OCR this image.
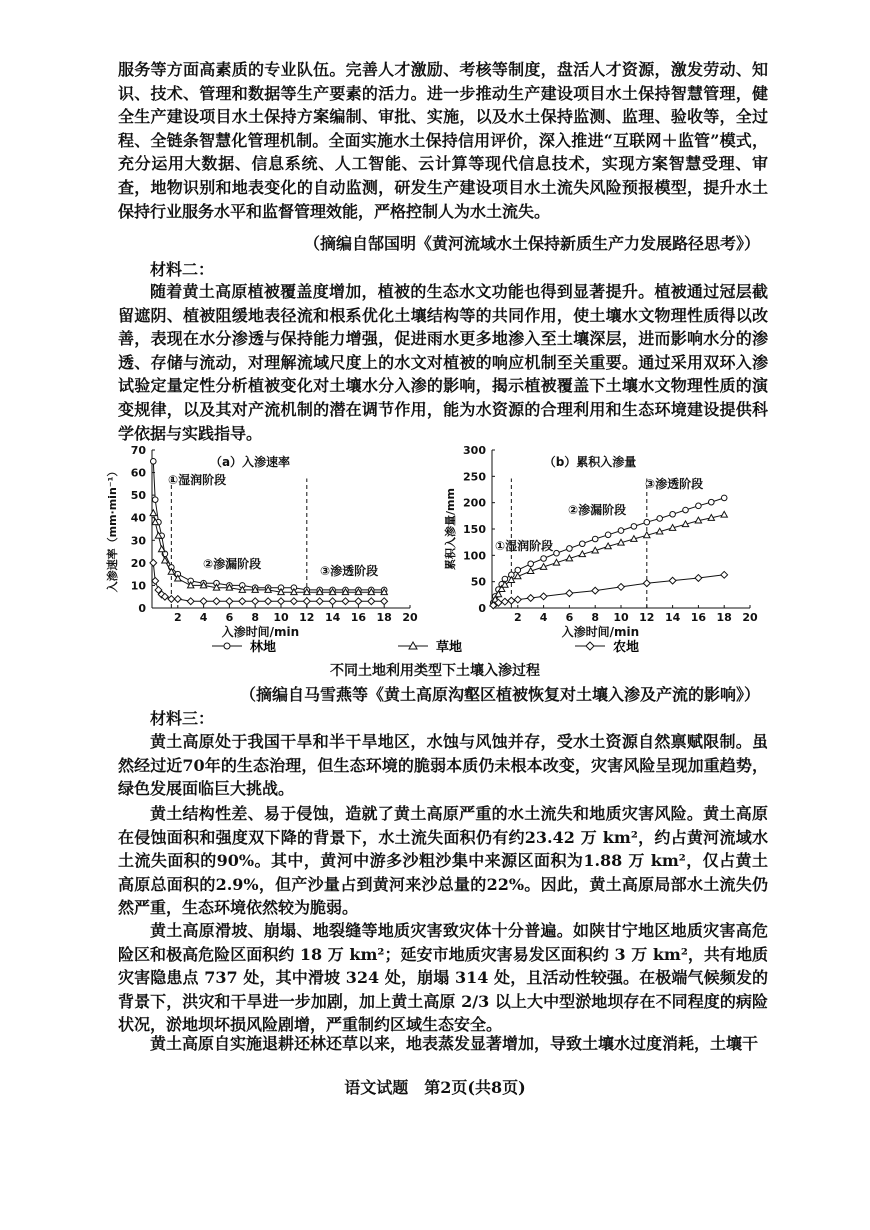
服务等方面高素质的专业队伍。完善人才激励、考核等制度，盘活人才资源，激发劳动、知识、技术、管理和数据等生产要素的活力。进一步推动生产建设项目水土保持智慧管理，健全生产建设项目水土保持方案编制、审批、实施，以及水土保持监测、监理、验收等，全过程、全链条智慧化管理机制。全面实施水土保持信用评价，深入推进“互联网＋监管”模式，充分运用大数据、信息系统、人工智能、云计算等现代信息技术，实现方案智慧受理、审查，地物识别和地表变化的自动监测，研发生产建设项目水土流失风险预报模型，提升水土保持行业服务水平和监督管理效能，严格控制人为水土流失。

（摘编自郜国明《黄河流域水土保持新质生产力发展路径思考》）

材料二：

随着黄土高原植被覆盖度增加，植被的生态水文功能也得到显著提升。植被通过冠层截留遮阴、植被阻缓地表径流和根系优化土壤结构等的共同作用，使土壤水文物理性质得以改善，表现在水分渗透与保持能力增强，促进雨水更多地渗入至土壤深层，进而影响水分的渗透、存储与流动，对理解流域尺度上的水文对植被的响应机制至关重要。通过采用双环入渗试验定量定性分析植被变化对土壤水分入渗的影响，揭示植被覆盖下土壤水文物理性质的演变规律，以及其对产流机制的潜在调节作用，能为水资源的合理利用和生态环境建设提供科学依据与实践指导。

2 4 6 8 10 12 14 16 18 20
0
10
20
30
40
50
60
70
入渗时间/min
入渗速率（mm·min⁻¹）
（a）入渗速率
①湿润阶段
②渗漏阶段	③渗透阶段
2 4 6 8 10 12 14 16 18 20
0
50
100
150
200
250
300
入渗时间/min
累积入渗量/mm
（b）累积入渗量
①湿润阶段
②渗漏阶段
③渗透阶段
林地	草地	农地

不同土地利用类型下土壤入渗过程

（摘编自马雪燕等《黄土高原沟壑区植被恢复对土壤入渗及产流的影响》）

材料三：

黄土高原处于我国干旱和半干旱地区，水蚀与风蚀并存，受水土资源自然禀赋限制。虽然经过近70年的生态治理，但生态环境的脆弱本质仍未根本改变，灾害风险呈现加重趋势，绿色发展面临巨大挑战。

黄土结构性差、易于侵蚀，造就了黄土高原严重的水土流失和地质灾害风险。黄土高原在侵蚀面积和强度双下降的背景下，水土流失面积仍有约23.42 万 km²，约占黄河流域水土流失面积的90%。其中，黄河中游多沙粗沙集中来源区面积为1.88 万 km²，仅占黄土高原总面积的2.9%，但产沙量占到黄河来沙总量的22%。因此，黄土高原局部水土流失仍然严重，生态环境依然较为脆弱。

黄土高原滑坡、崩塌、地裂缝等地质灾害致灾体十分普遍。如陕甘宁地区地质灾害高危险区和极高危险区面积约 18 万 km²；延安市地质灾害易发区面积约 3 万 km²，共有地质灾害隐患点 737 处，其中滑坡 324 处，崩塌 314 处，且活动性较强。在极端气候频发的背景下，洪灾和干旱进一步加剧，加上黄土高原 2/3 以上大中型淤地坝存在不同程度的病险状况，淤地坝坏损风险剧增，严重制约区域生态安全。

黄土高原自实施退耕还林还草以来，地表蒸发显著增加，导致土壤水过度消耗，土壤干

语文试题　第2页(共8页)
